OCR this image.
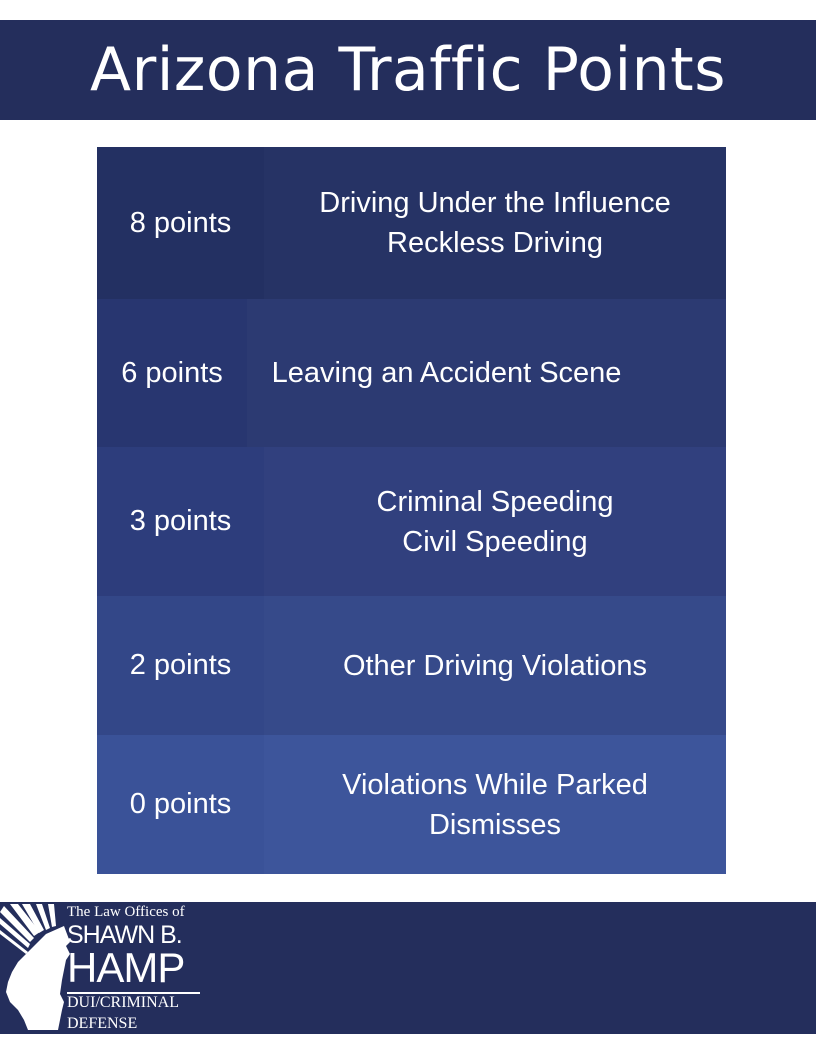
Arizona Traffic Points
8 points
Driving Under the Influence
Reckless Driving
6 points	Leaving an Accident Scene
3 points
Criminal Speeding
Civil Speeding
2 points	Other Driving Violations
0 points
Violations While Parked
Dismisses
The Law Offices of
SHAWN B.
HAMP
DUI/CRIMINAL
DEFENSE
